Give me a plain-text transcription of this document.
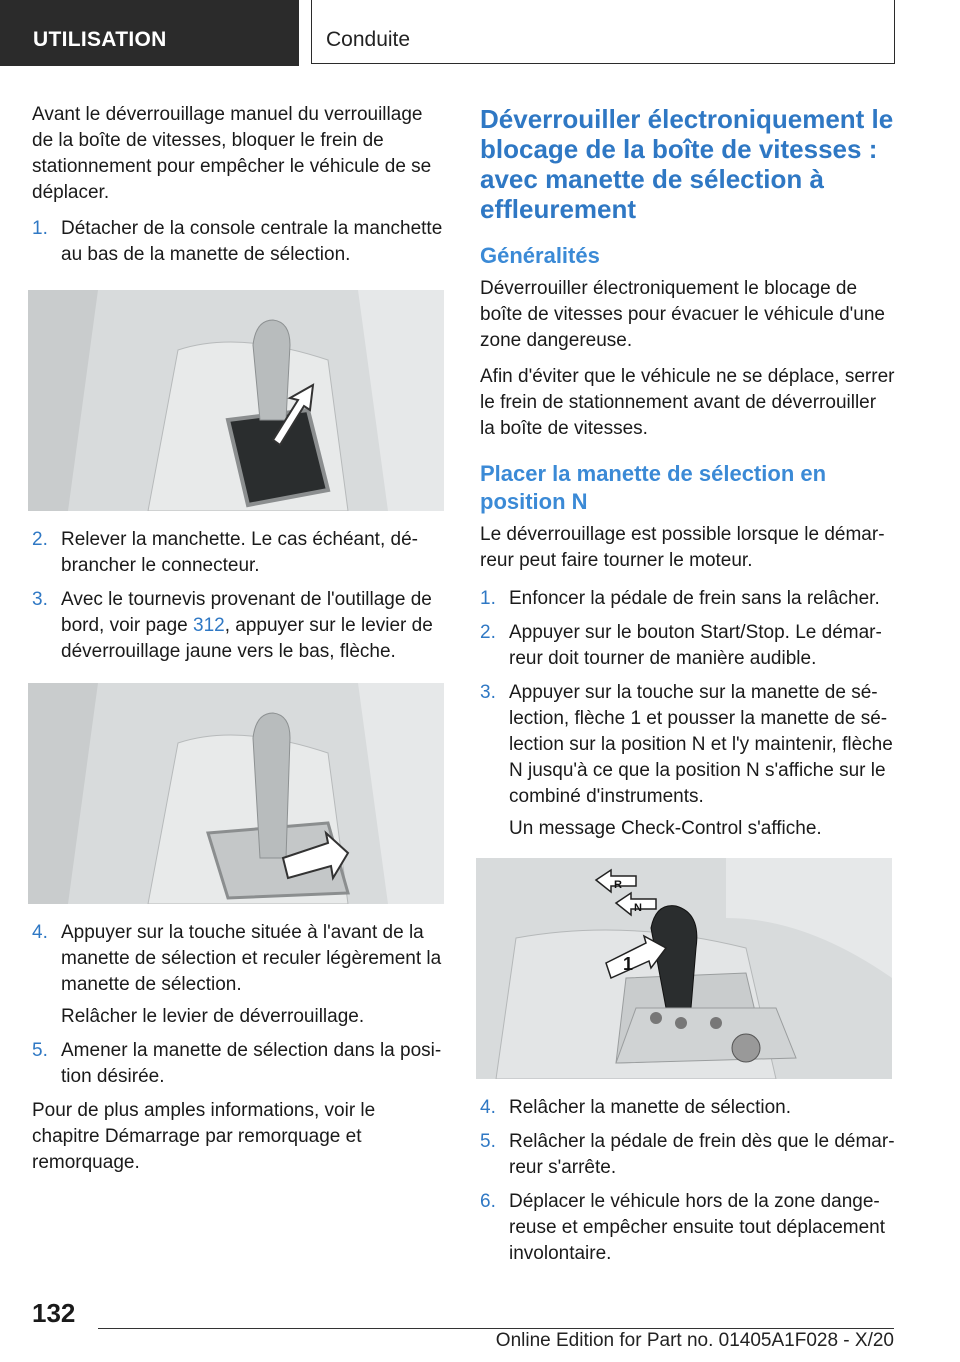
UTILISATION	Conduite

Avant le déverrouillage manuel du verrouillage de la boîte de vitesses, bloquer le frein de stationnement pour empêcher le véhicule de se déplacer.

1. Détacher de la console centrale la manchette au bas de la manette de sélection.
2. Relever la manchette. Le cas échéant, débrancher le connecteur.
3. Avec le tournevis provenant de l'outillage de bord, voir page 312, appuyer sur le levier de déverrouillage jaune vers le bas, flèche.
4. Appuyer sur la touche située à l'avant de la manette de sélection et reculer légèrement la manette de sélection.
Relâcher le levier de déverrouillage.
5. Amener la manette de sélection dans la position désirée.

Pour de plus amples informations, voir le chapitre Démarrage par remorquage et remorquage.

Déverrouiller électroniquement le blocage de la boîte de vitesses : avec manette de sélection à effleurement
Généralités

Déverrouiller électroniquement le blocage de boîte de vitesses pour évacuer le véhicule d'une zone dangereuse.

Afin d'éviter que le véhicule ne se déplace, serrer le frein de stationnement avant de déverrouiller la boîte de vitesses.

Placer la manette de sélection en position N

Le déverrouillage est possible lorsque le démarreur peut faire tourner le moteur.

1. Enfoncer la pédale de frein sans la relâcher.
2. Appuyer sur le bouton Start/Stop. Le démarreur doit tourner de manière audible.
3. Appuyer sur la touche sur la manette de sélection, flèche 1 et pousser la manette de sélection sur la position N et l'y maintenir, flèche N jusqu'à ce que la position N s'affiche sur le combiné d'instruments.
Un message Check-Control s'affiche.
R
N
1
4. Relâcher la manette de sélection.
5. Relâcher la pédale de frein dès que le démarreur s'arrête.
6. Déplacer le véhicule hors de la zone dangereuse et empêcher ensuite tout déplacement involontaire.
132
Online Edition for Part no. 01405A1F028 - X/20
